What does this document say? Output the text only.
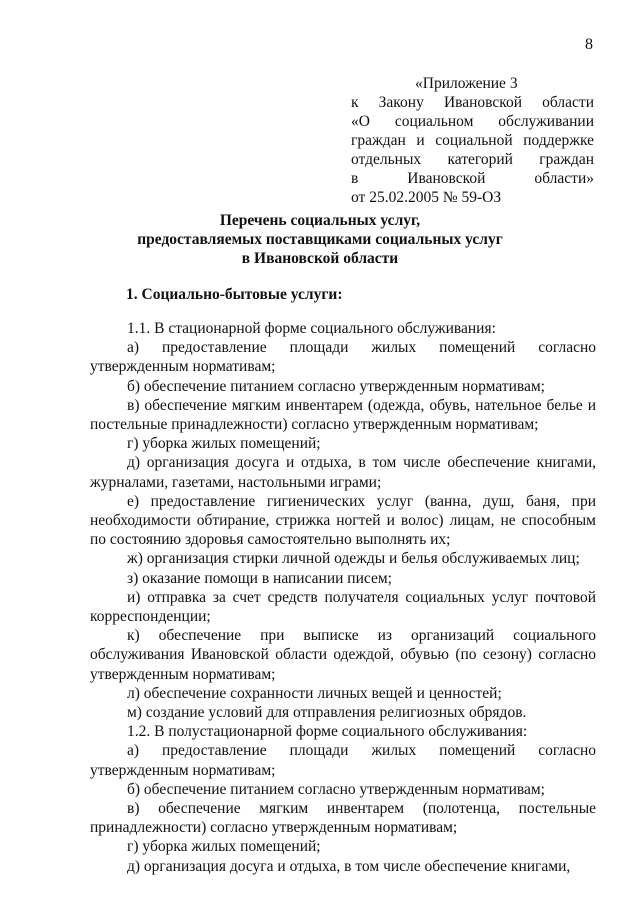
8
«Приложение 3
к Закону Ивановской области
«О социальном обслуживании
граждан и социальной поддержке
отдельных категорий граждан
в Ивановской области»
от 25.02.2005 № 59-ОЗ
Перечень социальных услуг,
предоставляемых поставщиками социальных услуг
в Ивановской области
1. Социально-бытовые услуги:

1.1. В стационарной форме социального обслуживания:

а) предоставление площади жилых помещений согласно утвержденным нормативам;

б) обеспечение питанием согласно утвержденным нормативам;

в) обеспечение мягким инвентарем (одежда, обувь, нательное белье и постельные принадлежности) согласно утвержденным нормативам;

г) уборка жилых помещений;

д) организация досуга и отдыха, в том числе обеспечение книгами, журналами, газетами, настольными играми;

е) предоставление гигиенических услуг (ванна, душ, баня, при необходимости обтирание, стрижка ногтей и волос) лицам, не способным по состоянию здоровья самостоятельно выполнять их;

ж) организация стирки личной одежды и белья обслуживаемых лиц;

з) оказание помощи в написании писем;

и) отправка за счет средств получателя социальных услуг почтовой корреспонденции;

к) обеспечение при выписке из организаций социального обслуживания Ивановской области одеждой, обувью (по сезону) согласно утвержденным нормативам;

л) обеспечение сохранности личных вещей и ценностей;

м) создание условий для отправления религиозных обрядов.

1.2. В полустационарной форме социального обслуживания:

а) предоставление площади жилых помещений согласно утвержденным нормативам;

б) обеспечение питанием согласно утвержденным нормативам;

в) обеспечение мягким инвентарем (полотенца, постельные принадлежности) согласно утвержденным нормативам;

г) уборка жилых помещений;

д) организация досуга и отдыха, в том числе обеспечение книгами,
